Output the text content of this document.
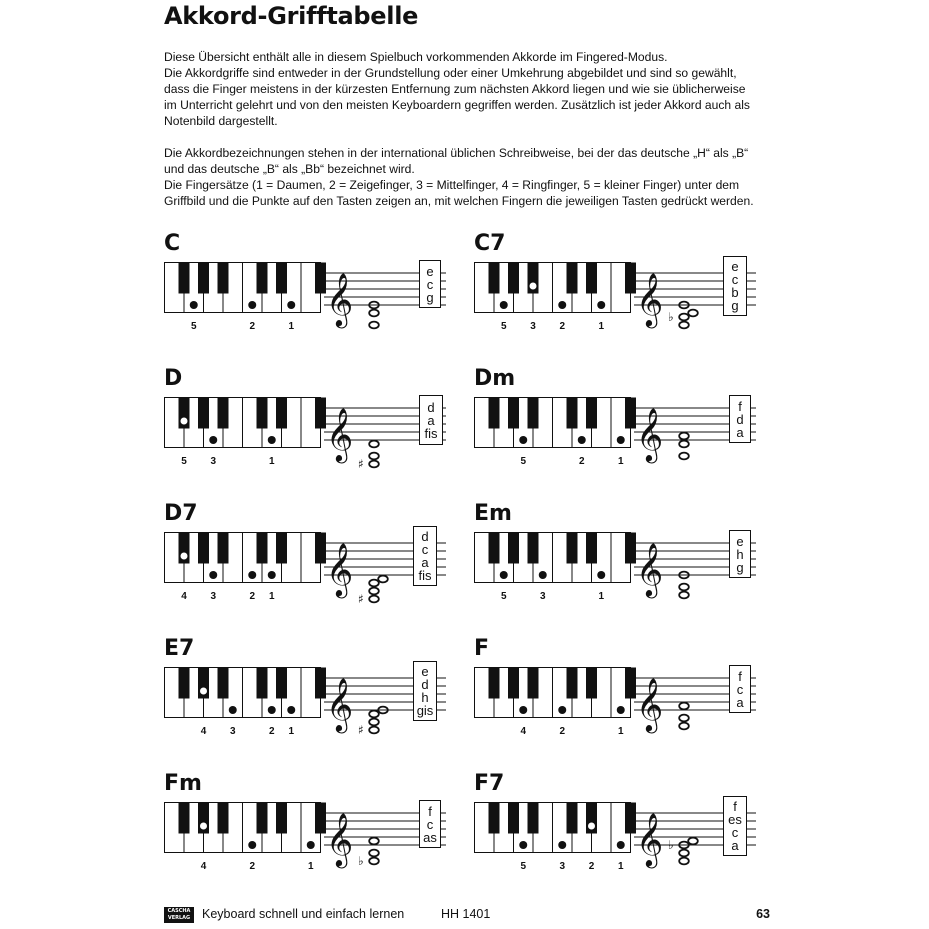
Akkord-Grifftabelle
Diese Übersicht enthält alle in diesem Spielbuch vorkommenden Akkorde im Fingered-Modus.
Die Akkordgriffe sind entweder in der Grundstellung oder einer Umkehrung abgebildet und sind so gewählt,
dass die Finger meistens in der kürzesten Entfernung zum nächsten Akkord liegen und wie sie üblicherweise
im Unterricht gelehrt und von den meisten Keyboardern gegriffen werden. Zusätzlich ist jeder Akkord auch als
Notenbild dargestellt.
Die Akkordbezeichnungen stehen in der international üblichen Schreibweise, bei der das deutsche „H“ als „B“
und das deutsche „B“ als „Bb“ bezeichnet wird.
Die Fingersätze (1 = Daumen, 2 = Zeigefinger, 3 = Mittelfinger, 4 = Ringfinger, 5 = kleiner Finger) unter dem
Griffbild und die Punkte auf den Tasten zeigen an, mit welchen Fingern die jeweiligen Tasten gedrückt werden.
C
5	2	1
𝄞
e
c
g
C7
5 3 2	1
𝄞 ♭
e
c
b
g
D
5 3	1
𝄞
♯
d
a
fis
Dm
5	2	1
𝄞
f
d
a
D7
4 3	2 1
𝄞
♯
d
c
a
fis
Em
5	3	1
𝄞
e
h
g
E7
4 3	2 1
𝄞 ♯
e
d
h
gis
F
4	2	1
𝄞
f
c
a
Fm
4	2	1
𝄞 ♭
f
c
as
F7
5	3 2 1
𝄞 ♭
f
es
c
a
CASCHA
VERLAG Keyboard schnell und einfach lernen	HH 1401	63
